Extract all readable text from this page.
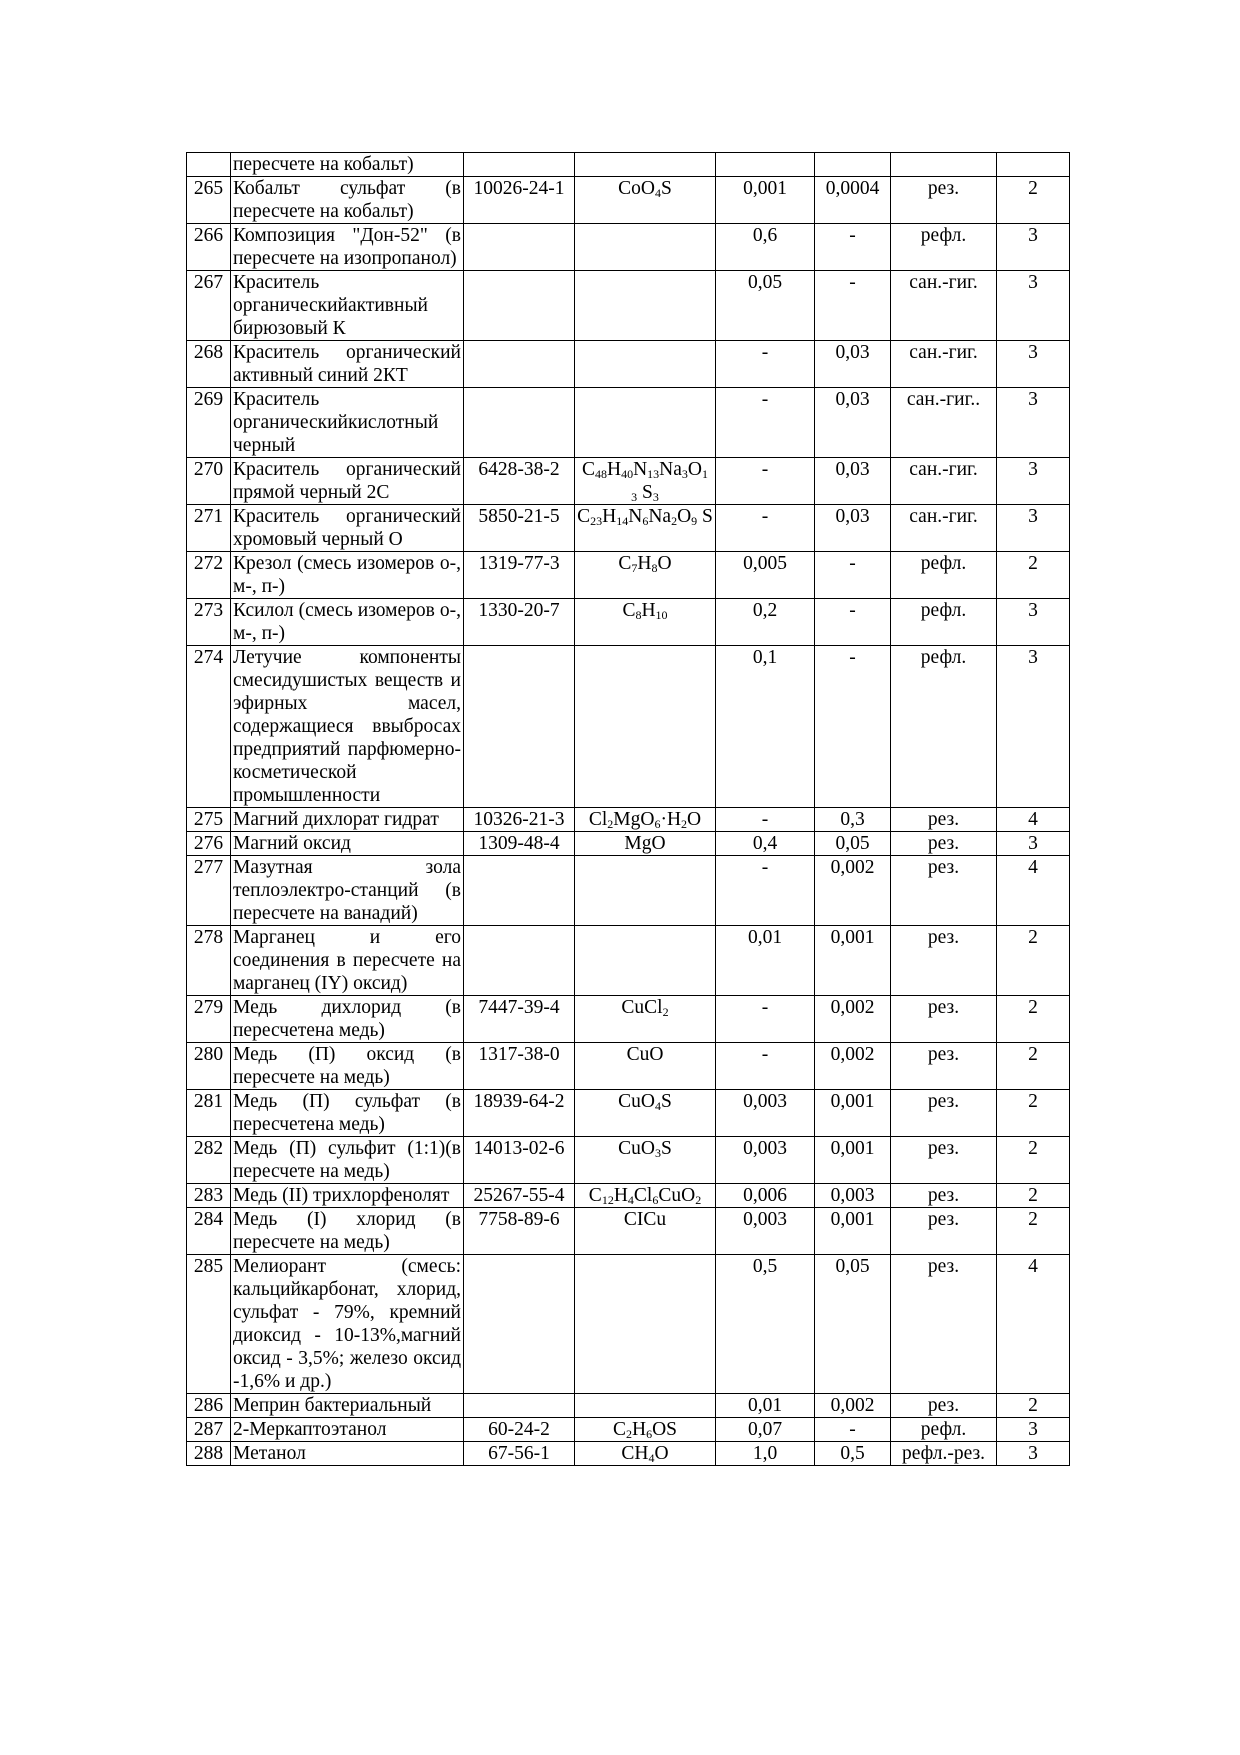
	пересчете на кобальт)						
265	Кобальт сульфат (в пересчете на кобальт)	10026-24-1	CoO$_4$S	0,001	0,0004	рез.	2
266	Композиция "Дон-52" (в пересчете на изопропанол)			0,6	-	рефл.	3
267	Краситель органическийактивный бирюзовый К			0,05	-	сан.-гиг.	3
268	Краситель органический активный синий 2КТ			-	0,03	сан.-гиг.	3
269	Краситель органическийкислотный черный			-	0,03	сан.-гиг..	3
270	Краситель органический прямой черный 2С	6428-38-2	$C_{48}H_{40}N_{13}Na_3O_1$ $_3$ $S_3$	-	0,03	сан.-гиг.	3
271	Краситель органический хромовый черный О	5850-21-5	$C_{23}H_{14}N_6Na_2O_9$ S	-	0,03	сан.-гиг.	3
272	Крезол (смесь изомеров о-, м-, п-)	1319-77-3	$C_7H_8O$	0,005	-	рефл.	2
273	Ксилол (смесь изомеров о-, м-, п-)	1330-20-7	$C_8H_{10}$	0,2	-	рефл.	3
274	Летучие компоненты смесидушистых веществ и эфирных масел, содержащиеся ввыбросах предприятий парфюмерно-косметической промышленности			0,1	-	рефл.	3
275	Магний дихлорат гидрат	10326-21-3	$Cl_2MgO_6\cdot H_2O$	-	0,3	рез.	4
276	Магний оксид	1309-48-4	MgO	0,4	0,05	рез.	3
277	Мазутная зола теплоэлектро-станций (в пересчете на ванадий)			-	0,002	рез.	4
278	Марганец и его соединения в пересчете на марганец (IY) оксид)			0,01	0,001	рез.	2
279	Медь дихлорид (в пересчетена медь)	7447-39-4	CuCl$_2$	-	0,002	рез.	2
280	Медь (П) оксид (в пересчете на медь)	1317-38-0	CuO	-	0,002	рез.	2
281	Медь (П) сульфат (в пересчетена медь)	18939-64-2	CuO$_4$S	0,003	0,001	рез.	2
282	Медь (П) сульфит (1:1)(в пересчете на медь)	14013-02-6	CuO$_3$S	0,003	0,001	рез.	2
283	Медь (II) трихлорфенолят	25267-55-4	$C_{12}H_4Cl_6CuO_2$	0,006	0,003	рез.	2
284	Медь (I) хлорид (в пересчете на медь)	7758-89-6	CICu	0,003	0,001	рез.	2
285	Мелиорант (смесь: кальцийкарбонат, хлорид, сульфат - 79%, кремний диоксид - 10-13%,магний оксид - 3,5%; железо оксид -1,6% и др.)			0,5	0,05	рез.	4
286	Меприн бактериальный			0,01	0,002	рез.	2
287	2-Меркаптоэтанол	60-24-2	$C_2H_6OS$	0,07	-	рефл.	3
288	Метанол	67-56-1	$CH_4O$	1,0	0,5	рефл.-рез.	3
